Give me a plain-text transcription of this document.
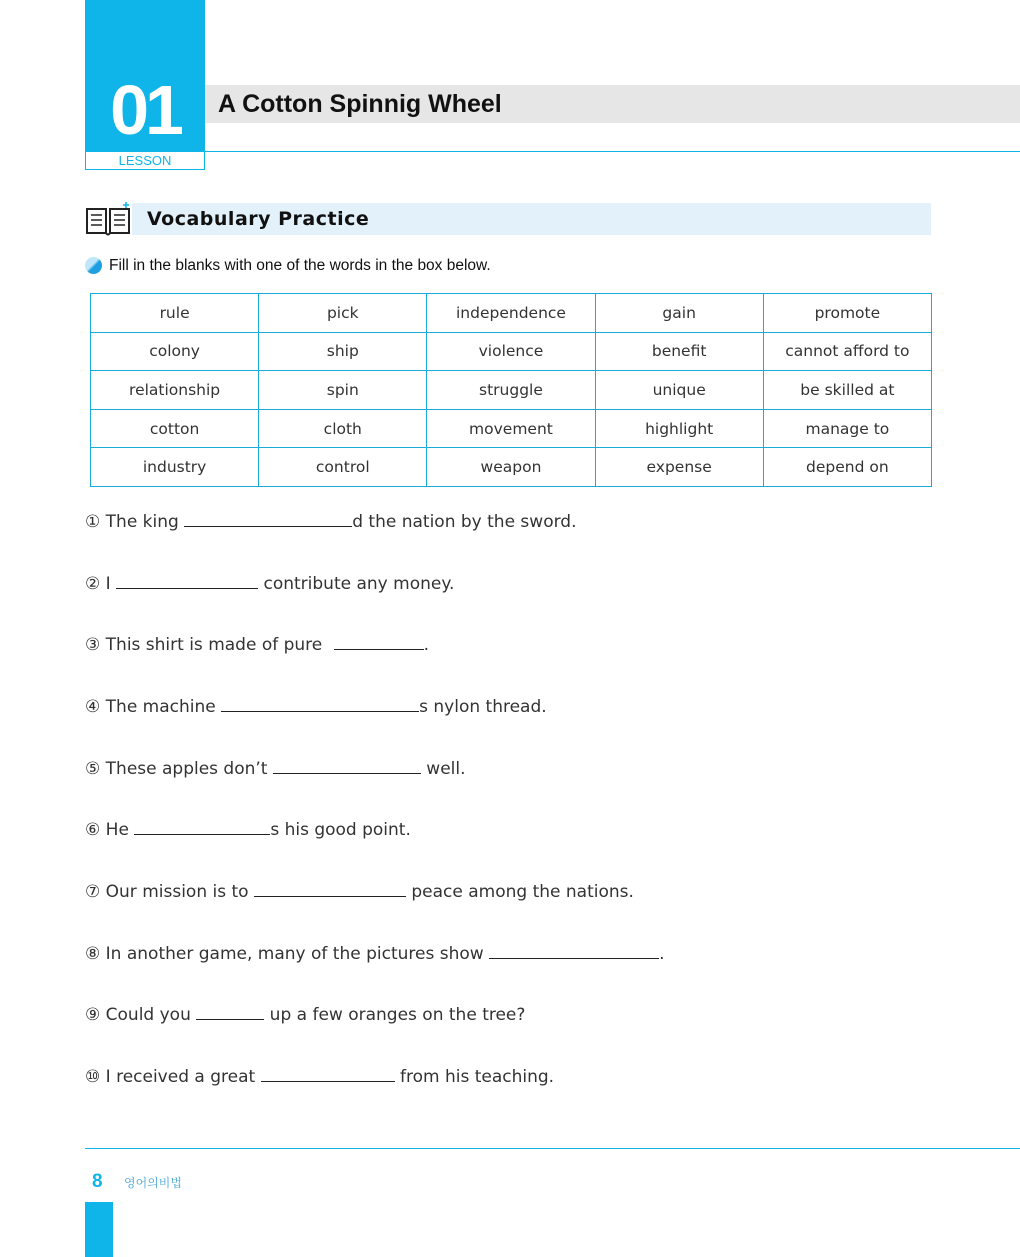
01
LESSON
A Cotton Spinnig Wheel
Vocabulary Practice
Fill in the blanks with one of the words in the box below.
rule	pick	independence	gain	promote
colony	ship	violence	benefit	cannot afford to
relationship	spin	struggle	unique	be skilled at
cotton	cloth	movement	highlight	manage to
industry	control	weapon	expense	depend on
① The king	d the nation by the sword.
② I	contribute any money.
③ This shirt is made of pure	.
④ The machine	s nylon thread.
⑤ These apples don’t	well.
⑥ He	s his good point.
⑦ Our mission is to	peace among the nations.
⑧ In another game, many of the pictures show	.
⑨ Could you	up a few oranges on the tree?
⑩ I received a great	from his teaching.
8 영어의비법
